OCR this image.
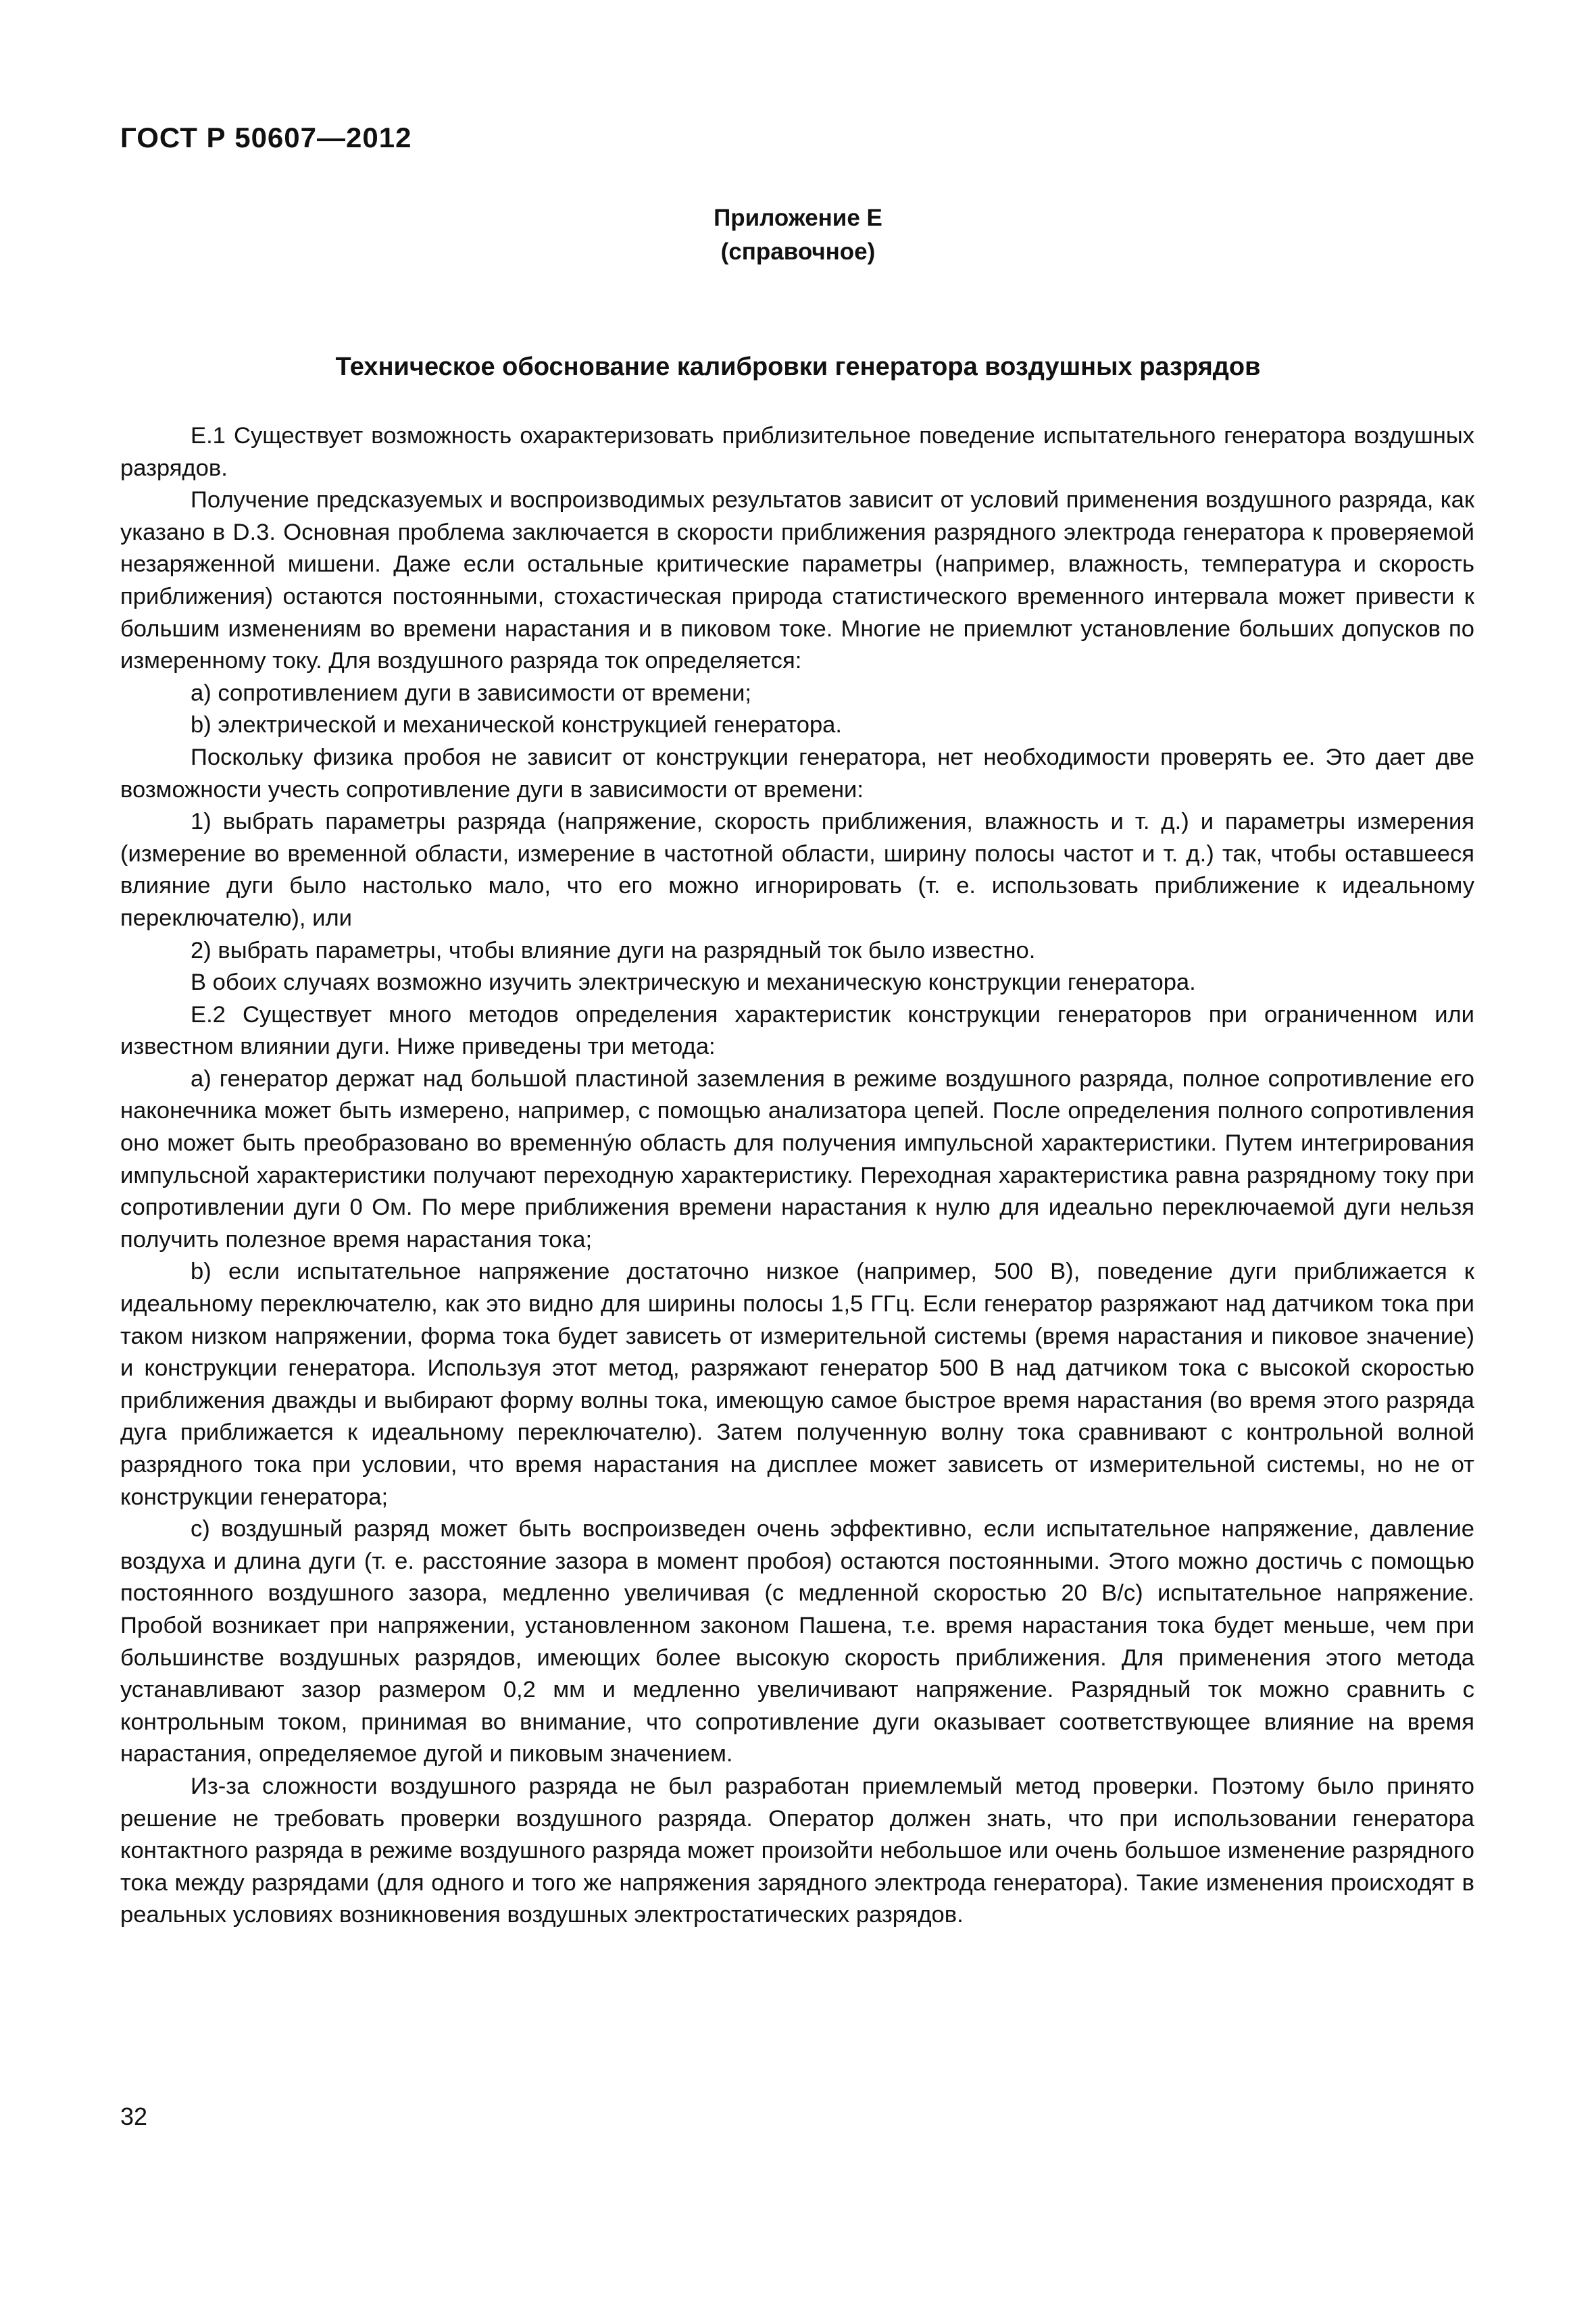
ГОСТ Р 50607—2012
Приложение Е
(справочное)
Техническое обоснование калибровки генератора воздушных разрядов

Е.1 Существует возможность охарактеризовать приблизительное поведение испытательного генератора воздушных разрядов.

Получение предсказуемых и воспроизводимых результатов зависит от условий применения воздушного разряда, как указано в D.3. Основная проблема заключается в скорости приближения разрядного электрода генератора к проверяемой незаряженной мишени. Даже если остальные критические параметры (например, влажность, температура и скорость приближения) остаются постоянными, стохастическая природа статистического временного интервала может привести к большим изменениям во времени нарастания и в пиковом токе. Многие не приемлют установление больших допусков по измеренному току. Для воздушного разряда ток определяется:

a) сопротивлением дуги в зависимости от времени;

b) электрической и механической конструкцией генератора.

Поскольку физика пробоя не зависит от конструкции генератора, нет необходимости проверять ее. Это дает две возможности учесть сопротивление дуги в зависимости от времени:

1) выбрать параметры разряда (напряжение, скорость приближения, влажность и т. д.) и параметры измерения (измерение во временной области, измерение в частотной области, ширину полосы частот и т. д.) так, чтобы оставшееся влияние дуги было настолько мало, что его можно игнорировать (т. е. использовать приближение к идеальному переключателю), или

2) выбрать параметры, чтобы влияние дуги на разрядный ток было известно.

В обоих случаях возможно изучить электрическую и механическую конструкции генератора.

Е.2 Существует много методов определения характеристик конструкции генераторов при ограниченном или известном влиянии дуги. Ниже приведены три метода:

a) генератор держат над большой пластиной заземления в режиме воздушного разряда, полное сопротивление его наконечника может быть измерено, например, с помощью анализатора цепей. После определения полного сопротивления оно может быть преобразовано во временну́ю область для получения импульсной характеристики. Путем интегрирования импульсной характеристики получают переходную характеристику. Переходная характеристика равна разрядному току при сопротивлении дуги 0 Ом. По мере приближения времени нарастания к нулю для идеально переключаемой дуги нельзя получить полезное время нарастания тока;

b) если испытательное напряжение достаточно низкое (например, 500 В), поведение дуги приближается к идеальному переключателю, как это видно для ширины полосы 1,5 ГГц. Если генератор разряжают над датчиком тока при таком низком напряжении, форма тока будет зависеть от измерительной системы (время нарастания и пиковое значение) и конструкции генератора. Используя этот метод, разряжают генератор 500 В над датчиком тока с высокой скоростью приближения дважды и выбирают форму волны тока, имеющую самое быстрое время нарастания (во время этого разряда дуга приближается к идеальному переключателю). Затем полученную волну тока сравнивают с контрольной волной разрядного тока при условии, что время нарастания на дисплее может зависеть от измерительной системы, но не от конструкции генератора;

c) воздушный разряд может быть воспроизведен очень эффективно, если испытательное напряжение, давление воздуха и длина дуги (т. е. расстояние зазора в момент пробоя) остаются постоянными. Этого можно достичь с помощью постоянного воздушного зазора, медленно увеличивая (с медленной скоростью 20 В/с) испытательное напряжение. Пробой возникает при напряжении, установленном законом Пашена, т.е. время нарастания тока будет меньше, чем при большинстве воздушных разрядов, имеющих более высокую скорость приближения. Для применения этого метода устанавливают зазор размером 0,2 мм и медленно увеличивают напряжение. Разрядный ток можно сравнить с контрольным током, принимая во внимание, что сопротивление дуги оказывает соответствующее влияние на время нарастания, определяемое дугой и пиковым значением.

Из-за сложности воздушного разряда не был разработан приемлемый метод проверки. Поэтому было принято решение не требовать проверки воздушного разряда. Оператор должен знать, что при использовании генератора контактного разряда в режиме воздушного разряда может произойти небольшое или очень большое изменение разрядного тока между разрядами (для одного и того же напряжения зарядного электрода генератора). Такие изменения происходят в реальных условиях возникновения воздушных электростатических разрядов.

32
